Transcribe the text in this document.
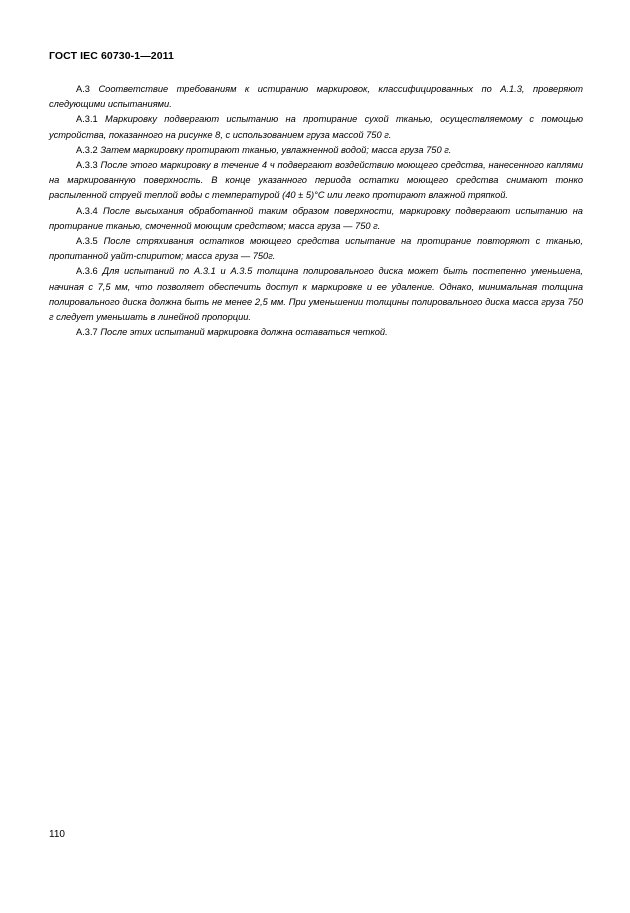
ГОСТ IEC 60730-1—2011

А.3 Соответствие требованиям к истиранию маркировок, классифицированных по А.1.3, проверяют следующими испытаниями.

А.3.1 Маркировку подвергают испытанию на протирание сухой тканью, осуществляемому с помощью устройства, показанного на рисунке 8, с использованием груза массой 750 г.

А.3.2 Затем маркировку протирают тканью, увлажненной водой; масса груза 750 г.

А.3.3 После этого маркировку в течение 4 ч подвергают воздействию моющего средства, нанесенного каплями на маркированную поверхность. В конце указанного периода остатки моющего средства снимают тонко распыленной струей теплой воды с температурой (40 ± 5)°С или легко протирают влажной тряпкой.

А.3.4 После высыхания обработанной таким образом поверхности, маркировку подвергают испытанию на протирание тканью, смоченной моющим средством; масса груза — 750 г.

А.3.5 После стряхивания остатков моющего средства испытание на протирание повторяют с тканью, пропитанной уайт-спиритом; масса груза — 750г.

А.3.6 Для испытаний по А.3.1 и А.3.5 толщина полировального диска может быть постепенно уменьшена, начиная с 7,5 мм, что позволяет обеспечить доступ к маркировке и ее удаление. Однако, минимальная толщина полировального диска должна быть не менее 2,5 мм. При уменьшении толщины полировального диска масса груза 750 г следует уменьшать в линейной пропорции.

А.3.7 После этих испытаний маркировка должна оставаться четкой.

110
